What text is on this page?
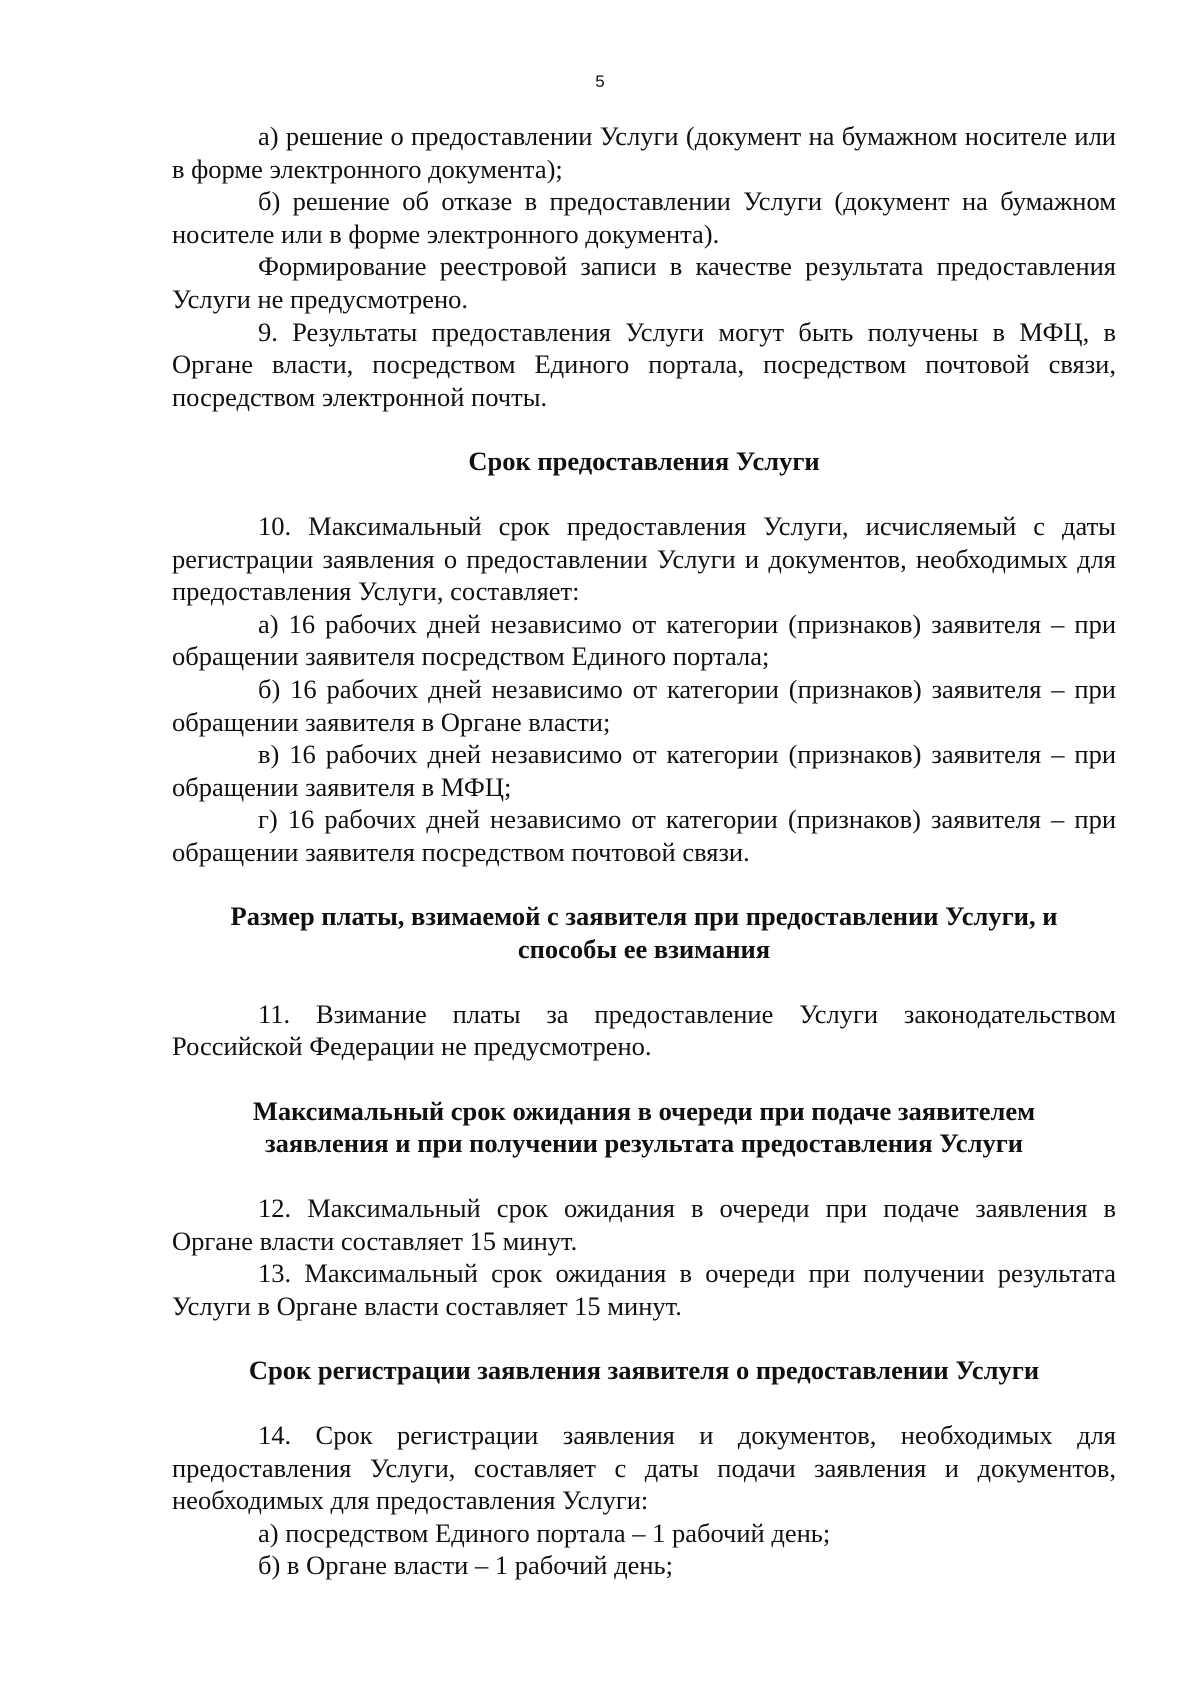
5

а) решение о предоставлении Услуги (документ на бумажном носителе или в форме электронного документа);

б) решение об отказе в предоставлении Услуги (документ на бумажном носителе или в форме электронного документа).

Формирование реестровой записи в качестве результата предоставления Услуги не предусмотрено.

9. Результаты предоставления Услуги могут быть получены в МФЦ, в Органе власти, посредством Единого портала, посредством почтовой связи, посредством электронной почты.

Срок предоставления Услуги

10. Максимальный срок предоставления Услуги, исчисляемый с даты регистрации заявления о предоставлении Услуги и документов, необходимых для предоставления Услуги, составляет:

а) 16 рабочих дней независимо от категории (признаков) заявителя – при обращении заявителя посредством Единого портала;

б) 16 рабочих дней независимо от категории (признаков) заявителя – при обращении заявителя в Органе власти;

в) 16 рабочих дней независимо от категории (признаков) заявителя – при обращении заявителя в МФЦ;

г) 16 рабочих дней независимо от категории (признаков) заявителя – при обращении заявителя посредством почтовой связи.

Размер платы, взимаемой с заявителя при предоставлении Услуги, и

способы ее взимания

11. Взимание платы за предоставление Услуги законодательством Российской Федерации не предусмотрено.

Максимальный срок ожидания в очереди при подаче заявителем

заявления и при получении результата предоставления Услуги

12. Максимальный срок ожидания в очереди при подаче заявления в Органе власти составляет 15 минут.

13. Максимальный срок ожидания в очереди при получении результата Услуги в Органе власти составляет 15 минут.

Срок регистрации заявления заявителя о предоставлении Услуги

14. Срок регистрации заявления и документов, необходимых для предоставления Услуги, составляет с даты подачи заявления и документов, необходимых для предоставления Услуги:

а) посредством Единого портала – 1 рабочий день;

б) в Органе власти – 1 рабочий день;
